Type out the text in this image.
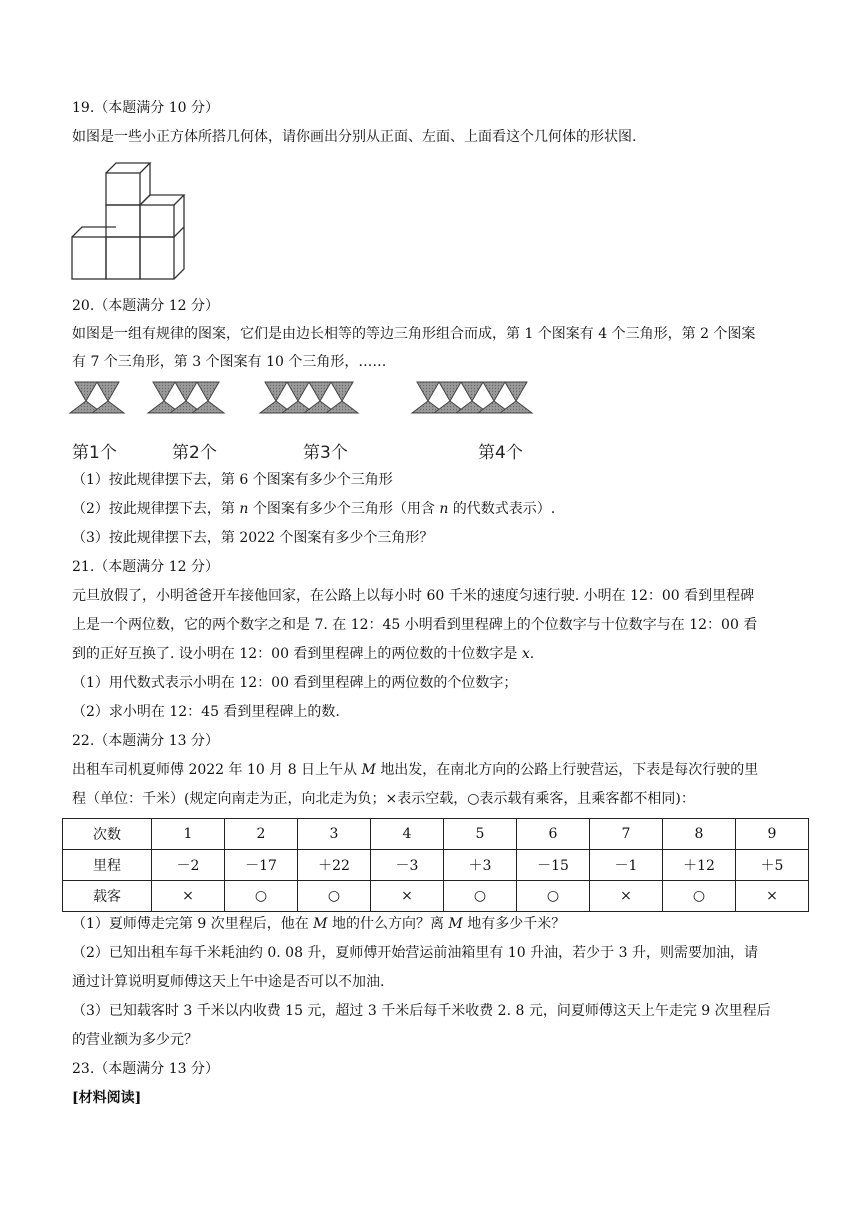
19.（本题满分 10 分）
如图是一些小正方体所搭几何体，请你画出分别从正面、左面、上面看这个几何体的形状图.
20.（本题满分 12 分）
如图是一组有规律的图案，它们是由边长相等的等边三角形组合而成，第 1 个图案有 4 个三角形，第 2 个图案
有 7 个三角形，第 3 个图案有 10 个三角形，……
第1个	第2个	第3个	第4个
（1）按此规律摆下去，第 6 个图案有多少个三角形
（2）按此规律摆下去，第 n 个图案有多少个三角形（用含 n 的代数式表示）.
（3）按此规律摆下去，第 2022 个图案有多少个三角形？
21.（本题满分 12 分）
元旦放假了，小明爸爸开车接他回家，在公路上以每小时 60 千米的速度匀速行驶. 小明在 12：00 看到里程碑
上是一个两位数，它的两个数字之和是 7. 在 12：45 小明看到里程碑上的个位数字与十位数字与在 12：00 看
到的正好互换了. 设小明在 12：00 看到里程碑上的两位数的十位数字是 x.
（1）用代数式表示小明在 12：00 看到里程碑上的两位数的个位数字；
（2）求小明在 12：45 看到里程碑上的数.
22.（本题满分 13 分）
出租车司机夏师傅 2022 年 10 月 8 日上午从 M 地出发，在南北方向的公路上行驶营运，下表是每次行驶的里
程（单位：千米）(规定向南走为正，向北走为负；×表示空载，○表示载有乘客，且乘客都不相同)：
次数	1	2	3	4	5	6	7	8	9
里程	－2	－17	＋22	－3	＋3	－15	－1	＋12	＋5
载客	×	○	○	×	○	○	×	○	×
（1）夏师傅走完第 9 次里程后，他在 M 地的什么方向？离 M 地有多少千米？
（2）已知出租车每千米耗油约 0. 08 升，夏师傅开始营运前油箱里有 10 升油，若少于 3 升，则需要加油，请
通过计算说明夏师傅这天上午中途是否可以不加油.
（3）已知载客时 3 千米以内收费 15 元，超过 3 千米后每千米收费 2. 8 元，问夏师傅这天上午走完 9 次里程后
的营业额为多少元？
23.（本题满分 13 分）
[材料阅读]
